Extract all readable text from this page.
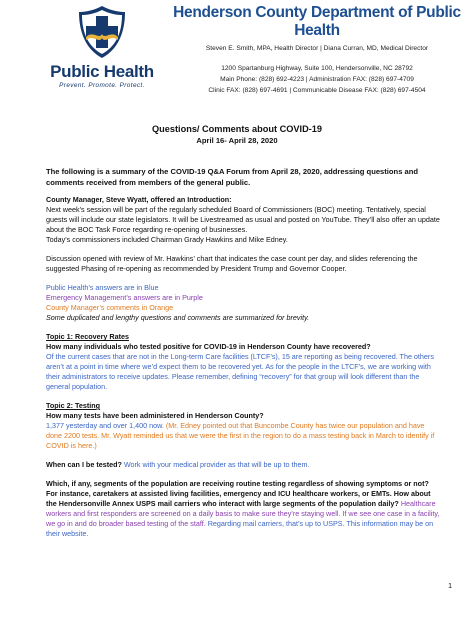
Public Health
Prevent. Promote. Protect.
Henderson County Department of Public Health
Steven E. Smith, MPA, Health Director | Diana Curran, MD, Medical Director
1200 Spartanburg Highway, Suite 100, Hendersonville, NC 28792
Main Phone: (828) 692-4223 | Administration FAX: (828) 697-4709
Clinic FAX: (828) 697-4691 | Communicable Disease FAX: (828) 697-4504
Questions/ Comments about COVID-19
April 16- April 28, 2020

The following is a summary of the COVID-19 Q&A Forum from April 28, 2020, addressing questions and comments received from members of the general public.

County Manager, Steve Wyatt, offered an Introduction:

Next week’s session will be part of the regularly scheduled Board of Commissioners (BOC) meeting. Tentatively, special guests will include our state legislators. It will be Livestreamed as usual and posted on YouTube. They’ll also offer an update about the BOC Task Force regarding re-opening of businesses.

Today’s commissioners included Chairman Grady Hawkins and Mike Edney.

Discussion opened with review of Mr. Hawkins’ chart that indicates the case count per day, and slides referencing the suggested Phasing of re-opening as recommended by President Trump and Governor Cooper.

Public Health’s answers are in Blue

Emergency Management’s answers are in Purple

County Manager’s comments in Orange

Some duplicated and lengthy questions and comments are summarized for brevity.

Topic 1: Recovery Rates

How many individuals who tested positive for COVID-19 in Henderson County have recovered?

Of the current cases that are not in the Long-term Care facilities (LTCF’s), 15 are reporting as being recovered. The others aren’t at a point in time where we’d expect them to be recovered yet. As for the people in the LTCF’s, we are working with their administrators to receive updates. Please remember, defining “recovery” for that group will look different than the general population.

Topic 2: Testing

How many tests have been administered in Henderson County?

1,377 yesterday and over 1,400 now. (Mr. Edney pointed out that Buncombe County has twice our population and have done 2200 tests. Mr. Wyatt reminded us that we were the first in the region to do a mass testing back in March to identify if COVID is here.)

When can I be tested? Work with your medical provider as that will be up to them.

Which, if any, segments of the population are receiving routine testing regardless of showing symptoms or not? For instance, caretakers at assisted living facilities, emergency and ICU healthcare workers, or EMTs. How about the Hendersonville Annex USPS mail carriers who interact with large segments of the population daily? Healthcare workers and first responders are screened on a daily basis to make sure they’re staying well. If we see one case in a facility, we go in and do broader based testing of the staff. Regarding mail carriers, that’s up to USPS. This information may be on their website.

1
